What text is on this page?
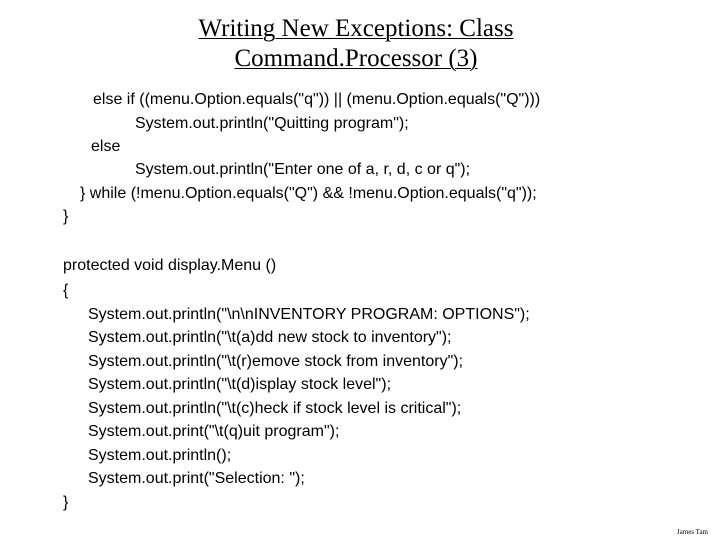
Writing New Exceptions: Class
Command.Processor (3)
else if ((menu.Option.equals("q")) || (menu.Option.equals("Q")))
System.out.println("Quitting program");
else
System.out.println("Enter one of a, r, d, c or q");
} while (!menu.Option.equals("Q") && !menu.Option.equals("q"));
}
protected void display.Menu ()
{
System.out.println("\n\nINVENTORY PROGRAM: OPTIONS");
System.out.println("\t(a)dd new stock to inventory");
System.out.println("\t(r)emove stock from inventory");
System.out.println("\t(d)isplay stock level");
System.out.println("\t(c)heck if stock level is critical");
System.out.print("\t(q)uit program");
System.out.println();
System.out.print("Selection: ");
}
James Tam
